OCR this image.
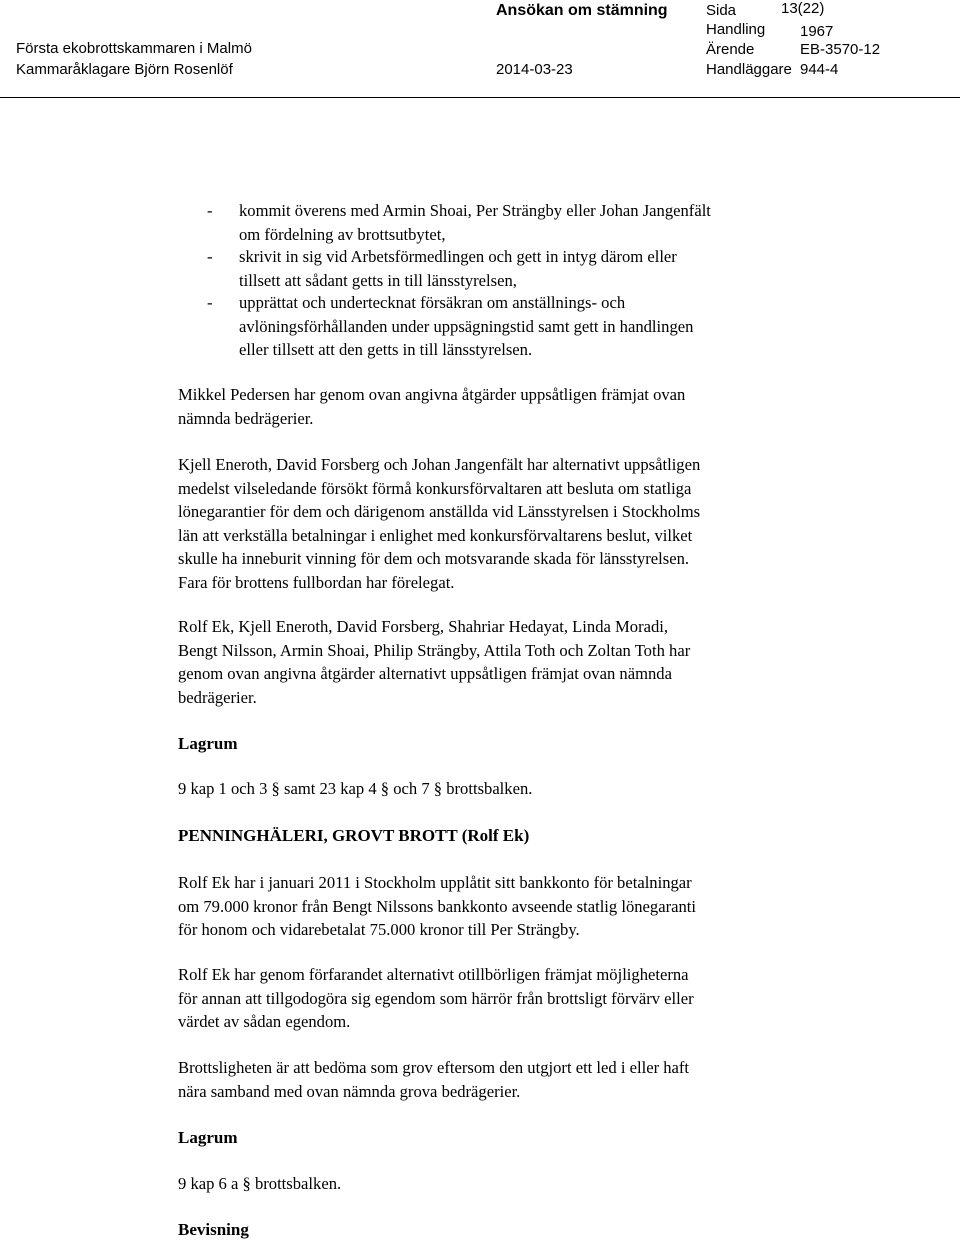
Ansökan om stämning
Första ekobrottskammaren i Malmö
Kammaråklagare Björn Rosenlöf	2014-03-23
Sida	13(22)
Handling 1967
Ärende	EB-3570-12
Handläggare 944-4
-	kommit överens med Armin Shoai, Per Strängby eller Johan Jangenfält
om fördelning av brottsutbytet,
-	skrivit in sig vid Arbetsförmedlingen och gett in intyg därom eller
tillsett att sådant getts in till länsstyrelsen,
-	upprättat och undertecknat försäkran om anställnings- och
avlöningsförhållanden under uppsägningstid samt gett in handlingen
eller tillsett att den getts in till länsstyrelsen.
Mikkel Pedersen har genom ovan angivna åtgärder uppsåtligen främjat ovan
nämnda bedrägerier.
Kjell Eneroth, David Forsberg och Johan Jangenfält har alternativt uppsåtligen
medelst vilseledande försökt förmå konkursförvaltaren att besluta om statliga
lönegarantier för dem och därigenom anställda vid Länsstyrelsen i Stockholms
län att verkställa betalningar i enlighet med konkursförvaltarens beslut, vilket
skulle ha inneburit vinning för dem och motsvarande skada för länsstyrelsen.
Fara för brottens fullbordan har förelegat.
Rolf Ek, Kjell Eneroth, David Forsberg, Shahriar Hedayat, Linda Moradi,
Bengt Nilsson, Armin Shoai, Philip Strängby, Attila Toth och Zoltan Toth har
genom ovan angivna åtgärder alternativt uppsåtligen främjat ovan nämnda
bedrägerier.
Lagrum
9 kap 1 och 3 § samt 23 kap 4 § och 7 § brottsbalken.
PENNINGHÄLERI, GROVT BROTT (Rolf Ek)
Rolf Ek har i januari 2011 i Stockholm upplåtit sitt bankkonto för betalningar
om 79.000 kronor från Bengt Nilssons bankkonto avseende statlig lönegaranti
för honom och vidarebetalat 75.000 kronor till Per Strängby.
Rolf Ek har genom förfarandet alternativt otillbörligen främjat möjligheterna
för annan att tillgodogöra sig egendom som härrör från brottsligt förvärv eller
värdet av sådan egendom.
Brottsligheten är att bedöma som grov eftersom den utgjort ett led i eller haft
nära samband med ovan nämnda grova bedrägerier.
Lagrum
9 kap 6 a § brottsbalken.
Bevisning
